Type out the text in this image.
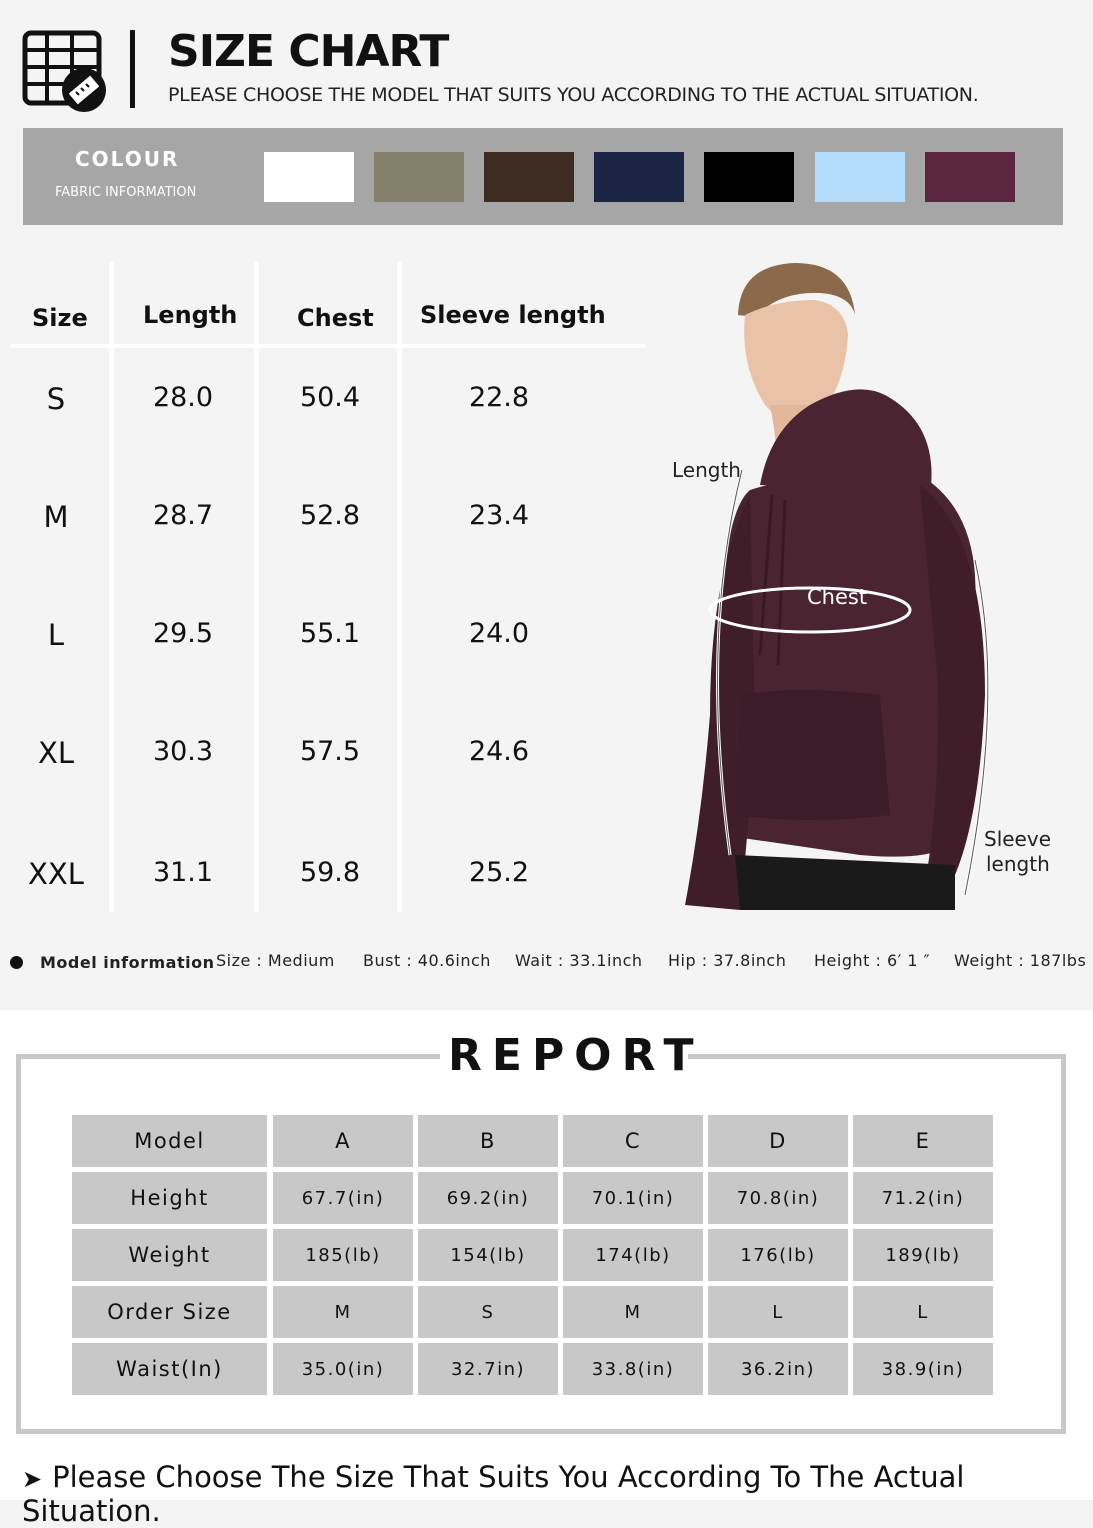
SIZE CHART
PLEASE CHOOSE THE MODEL THAT SUITS YOU ACCORDING TO THE ACTUAL SITUATION.
COLOUR
FABRIC INFORMATION
Size Length Chest Sleeve length
S	28.0	50.4	22.8
M	28.7	52.8	23.4
L	29.5	55.1	24.0
XL	30.3	57.5	24.6
XXL	31.1	59.8	25.2
Length
Chest
Sleeve
length
Model information Size : Medium Bust : 40.6inch Wait : 33.1inch Hip : 37.8inch Height : 6′ 1 ″ Weight : 187lbs
REPORT
Model	A	B	C	D	E
Height	67.7(in)	69.2(in)	70.1(in)	70.8(in)	71.2(in)
Weight	185(lb)	154(lb)	174(lb)	176(lb)	189(lb)
Order Size	M	S	M	L	L
Waist(In)	35.0(in)	32.7in)	33.8(in)	36.2in)	38.9(in)
➤ Please Choose The Size That Suits You According To The Actual Situation.
